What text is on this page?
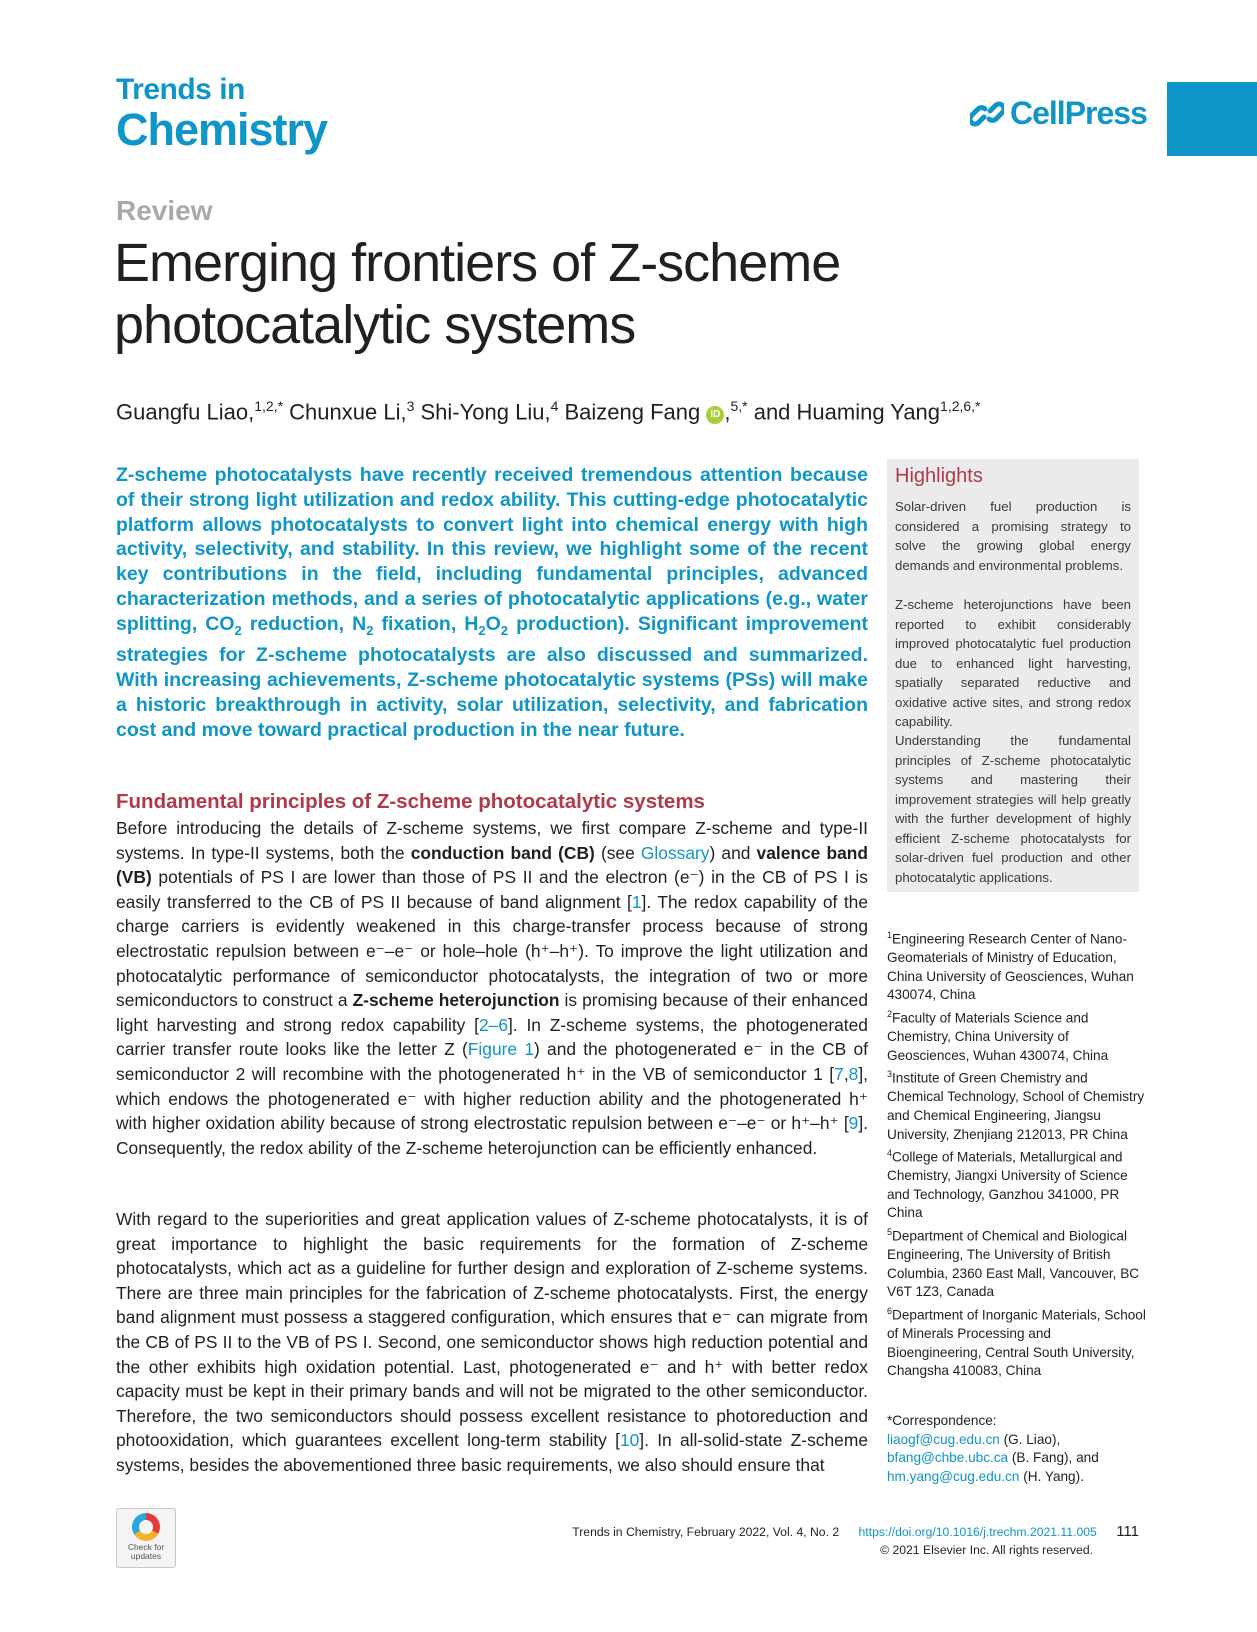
Trends in
Chemistry	CellPress
Review
Emerging frontiers of Z-scheme photocatalytic systems
Guangfu Liao,$^{1,2,*}$ Chunxue Li,$^3$ Shi-Yong Liu,$^4$ Baizeng Fang iD ,$^{5,*}$ and Huaming Yang$^{1,2,6,*}$
Z-scheme photocatalysts have recently received tremendous attention because of their strong light utilization and redox ability. This cutting-edge photocatalytic platform allows photocatalysts to convert light into chemical energy with high activity, selectivity, and stability. In this review, we highlight some of the recent key contributions in the field, including fundamental principles, advanced characterization methods, and a series of photocatalytic applications (e.g., water splitting, $CO_2$ reduction, $N_2$ fixation, $H_2O_2$ production). Significant improvement strategies for Z-scheme photocatalysts are also discussed and summarized. With increasing achievements, Z-scheme photocatalytic systems (PSs) will make a historic breakthrough in activity, solar utilization, selectivity, and fabrication cost and move toward practical production in the near future.
Highlights
Solar-driven fuel production is considered a promising strategy to solve the growing global energy demands and environmental problems.
Z-scheme heterojunctions have been reported to exhibit considerably improved photocatalytic fuel production due to enhanced light harvesting, spatially separated reductive and oxidative active sites, and strong redox capability.
Understanding the fundamental principles of Z-scheme photocatalytic systems and mastering their improvement strategies will help greatly with the further development of highly efficient Z-scheme photocatalysts for solar-driven fuel production and other photocatalytic applications.
Fundamental principles of Z-scheme photocatalytic systems
Before introducing the details of Z-scheme systems, we first compare Z-scheme and type-II systems. In type-II systems, both the conduction band (CB) (see Glossary) and valence band (VB) potentials of PS I are lower than those of PS II and the electron (e⁻) in the CB of PS I is easily transferred to the CB of PS II because of band alignment [1]. The redox capability of the charge carriers is evidently weakened in this charge-transfer process because of strong electrostatic repulsion between e⁻–e⁻ or hole–hole (h⁺–h⁺). To improve the light utilization and photocatalytic performance of semiconductor photocatalysts, the integration of two or more semiconductors to construct a Z-scheme heterojunction is promising because of their enhanced light harvesting and strong redox capability [2–6]. In Z-scheme systems, the photogenerated carrier transfer route looks like the letter Z (Figure 1) and the photogenerated e⁻ in the CB of semiconductor 2 will recombine with the photogenerated h⁺ in the VB of semiconductor 1 [7,8], which endows the photogenerated e⁻ with higher reduction ability and the photogenerated h⁺ with higher oxidation ability because of strong electrostatic repulsion between e⁻–e⁻ or h⁺–h⁺ [9]. Consequently, the redox ability of the Z-scheme heterojunction can be efficiently enhanced.
With regard to the superiorities and great application values of Z-scheme photocatalysts, it is of great importance to highlight the basic requirements for the formation of Z-scheme photocatalysts, which act as a guideline for further design and exploration of Z-scheme systems. There are three main principles for the fabrication of Z-scheme photocatalysts. First, the energy band alignment must possess a staggered configuration, which ensures that e⁻ can migrate from the CB of PS II to the VB of PS I. Second, one semiconductor shows high reduction potential and the other exhibits high oxidation potential. Last, photogenerated e⁻ and h⁺ with better redox capacity must be kept in their primary bands and will not be migrated to the other semiconductor. Therefore, the two semiconductors should possess excellent resistance to photoreduction and photooxidation, which guarantees excellent long-term stability [10]. In all-solid-state Z-scheme systems, besides the abovementioned three basic requirements, we also should ensure that

$^1$Engineering Research Center of Nano-Geomaterials of Ministry of Education, China University of Geosciences, Wuhan 430074, China

$^2$Faculty of Materials Science and Chemistry, China University of Geosciences, Wuhan 430074, China

$^3$Institute of Green Chemistry and Chemical Technology, School of Chemistry and Chemical Engineering, Jiangsu University, Zhenjiang 212013, PR China

$^4$College of Materials, Metallurgical and Chemistry, Jiangxi University of Science and Technology, Ganzhou 341000, PR China

$^5$Department of Chemical and Biological Engineering, The University of British Columbia, 2360 East Mall, Vancouver, BC V6T 1Z3, Canada

$^6$Department of Inorganic Materials, School of Minerals Processing and Bioengineering, Central South University, Changsha 410083, China

*Correspondence:

liaogf@cug.edu.cn (G. Liao),

bfang@chbe.ubc.ca (B. Fang), and

hm.yang@cug.edu.cn (H. Yang).

Check for
updates
Trends in Chemistry, February 2022, Vol. 4, No. 2 https://doi.org/10.1016/j.trechm.2021.11.005 111
© 2021 Elsevier Inc. All rights reserved.
